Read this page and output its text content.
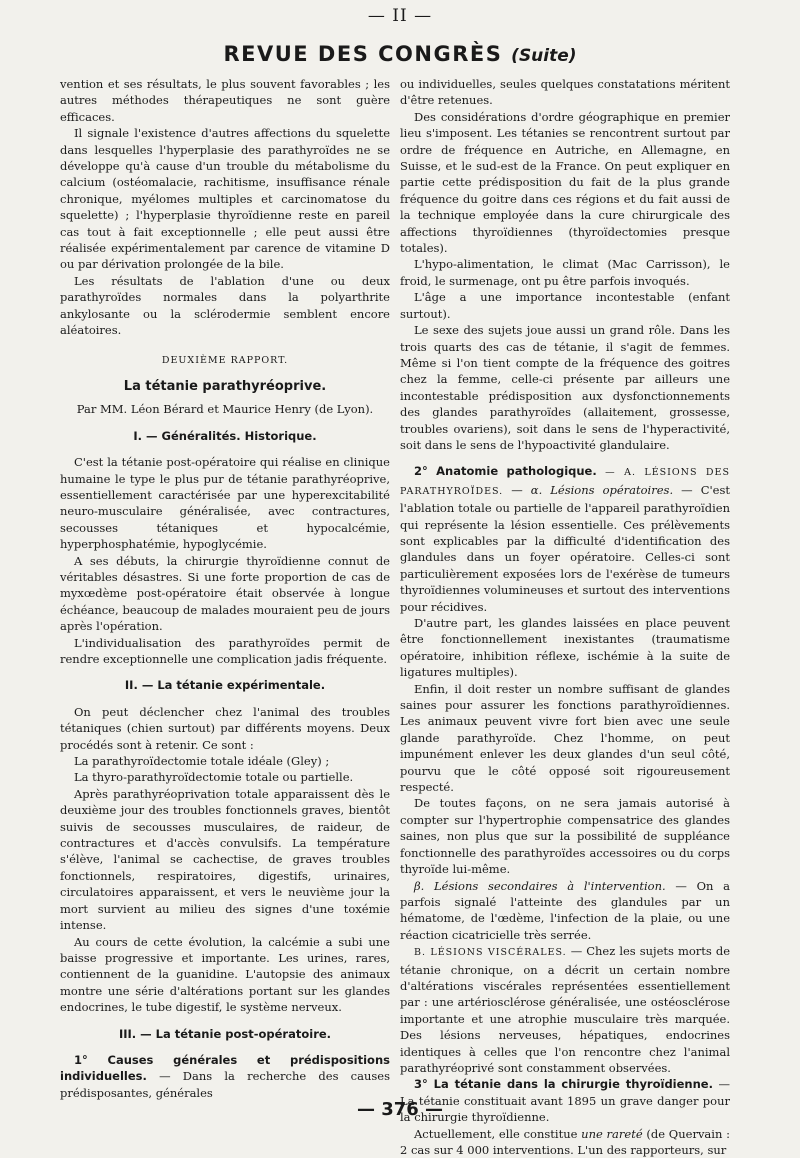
— II —
REVUE DES CONGRÈS (Suite)

vention et ses résultats, le plus souvent favorables ; les autres méthodes thérapeutiques ne sont guère efficaces.

Il signale l'existence d'autres affections du squelette dans lesquelles l'hyperplasie des parathyroïdes ne se développe qu'à cause d'un trouble du métabolisme du calcium (ostéomalacie, rachitisme, insuffisance rénale chronique, myélomes multiples et carcinomatose du squelette) ; l'hyperplasie thyroïdienne reste en pareil cas tout à fait exceptionnelle ; elle peut aussi être réalisée expérimentalement par carence de vitamine D ou par dérivation prolongée de la bile.

Les résultats de l'ablation d'une ou deux parathyroïdes normales dans la polyarthrite ankylosante ou la sclérodermie semblent encore aléatoires.

DEUXIÈME RAPPORT.

La tétanie parathyréoprive.

Par MM. Léon Bérard et Maurice Henry (de Lyon).

I. — Généralités. Historique.

C'est la tétanie post-opératoire qui réalise en clinique humaine le type le plus pur de tétanie parathyréoprive, essentiellement caractérisée par une hyperexcitabilité neuro-musculaire généralisée, avec contractures, secousses tétaniques et hypocalcémie, hyperphosphatémie, hypoglycémie.

A ses débuts, la chirurgie thyroïdienne connut de véritables désastres. Si une forte proportion de cas de myxœdème post-opératoire était observée à longue échéance, beaucoup de malades mouraient peu de jours après l'opération.

L'individualisation des parathyroïdes permit de rendre exceptionnelle une complication jadis fréquente.

II. — La tétanie expérimentale.

On peut déclencher chez l'animal des troubles tétaniques (chien surtout) par différents moyens. Deux procédés sont à retenir. Ce sont :

La parathyroïdectomie totale idéale (Gley) ;

La thyro-parathyroïdectomie totale ou partielle.

Après parathyréoprivation totale apparaissent dès le deuxième jour des troubles fonctionnels graves, bientôt suivis de secousses musculaires, de raideur, de contractures et d'accès convulsifs. La température s'élève, l'animal se cachectise, de graves troubles fonctionnels, respiratoires, digestifs, urinaires, circulatoires apparaissent, et vers le neuvième jour la mort survient au milieu des signes d'une toxémie intense.

Au cours de cette évolution, la calcémie a subi une baisse progressive et importante. Les urines, rares, contiennent de la guanidine. L'autopsie des animaux montre une série d'altérations portant sur les glandes endocrines, le tube digestif, le système nerveux.

III. — La tétanie post-opératoire.

1° Causes générales et prédispositions individuelles. — Dans la recherche des causes prédisposantes, générales

ou individuelles, seules quelques constatations méritent d'être retenues.

Des considérations d'ordre géographique en premier lieu s'imposent. Les tétanies se rencontrent surtout par ordre de fréquence en Autriche, en Allemagne, en Suisse, et le sud-est de la France. On peut expliquer en partie cette prédisposition du fait de la plus grande fréquence du goitre dans ces régions et du fait aussi de la technique employée dans la cure chirurgicale des affections thyroïdiennes (thyroïdectomies presque totales).

L'hypo-alimentation, le climat (Mac Carrisson), le froid, le surmenage, ont pu être parfois invoqués.

L'âge a une importance incontestable (enfant surtout).

Le sexe des sujets joue aussi un grand rôle. Dans les trois quarts des cas de tétanie, il s'agit de femmes. Même si l'on tient compte de la fréquence des goitres chez la femme, celle-ci présente par ailleurs une incontestable prédisposition aux dysfonctionnements des glandes parathyroïdes (allaitement, grossesse, troubles ovariens), soit dans le sens de l'hyperactivité, soit dans le sens de l'hypoactivité glandulaire.

2° Anatomie pathologique. — A. LÉSIONS DES PARATHYROÏDES. — α. Lésions opératoires. — C'est l'ablation totale ou partielle de l'appareil parathyroïdien qui représente la lésion essentielle. Ces prélèvements sont explicables par la difficulté d'identification des glandules dans un foyer opératoire. Celles-ci sont particulièrement exposées lors de l'exérèse de tumeurs thyroïdiennes volumineuses et surtout des interventions pour récidives.

D'autre part, les glandes laissées en place peuvent être fonctionnellement inexistantes (traumatisme opératoire, inhibition réflexe, ischémie à la suite de ligatures multiples).

Enfin, il doit rester un nombre suffisant de glandes saines pour assurer les fonctions parathyroïdiennes. Les animaux peuvent vivre fort bien avec une seule glande parathyroïde. Chez l'homme, on peut impunément enlever les deux glandes d'un seul côté, pourvu que le côté opposé soit rigoureusement respecté.

De toutes façons, on ne sera jamais autorisé à compter sur l'hypertrophie compensatrice des glandes saines, non plus que sur la possibilité de suppléance fonctionnelle des parathyroïdes accessoires ou du corps thyroïde lui-même.

β. Lésions secondaires à l'intervention. — On a parfois signalé l'atteinte des glandules par un hématome, de l'œdème, l'infection de la plaie, ou une réaction cicatricielle très serrée.

B. LÉSIONS VISCÉRALES. — Chez les sujets morts de tétanie chronique, on a décrit un certain nombre d'altérations viscérales représentées essentiellement par : une artériosclérose généralisée, une ostéosclérose importante et une atrophie musculaire très marquée. Des lésions nerveuses, hépatiques, endocrines identiques à celles que l'on rencontre chez l'animal parathyréoprivé sont constamment observées.

3° La tétanie dans la chirurgie thyroïdienne. — La tétanie constituait avant 1895 un grave danger pour la chirurgie thyroïdienne.

Actuellement, elle constitue une rareté (de Quervain : 2 cas sur 4 000 interventions. L'un des rapporteurs, sur

— 376 —
